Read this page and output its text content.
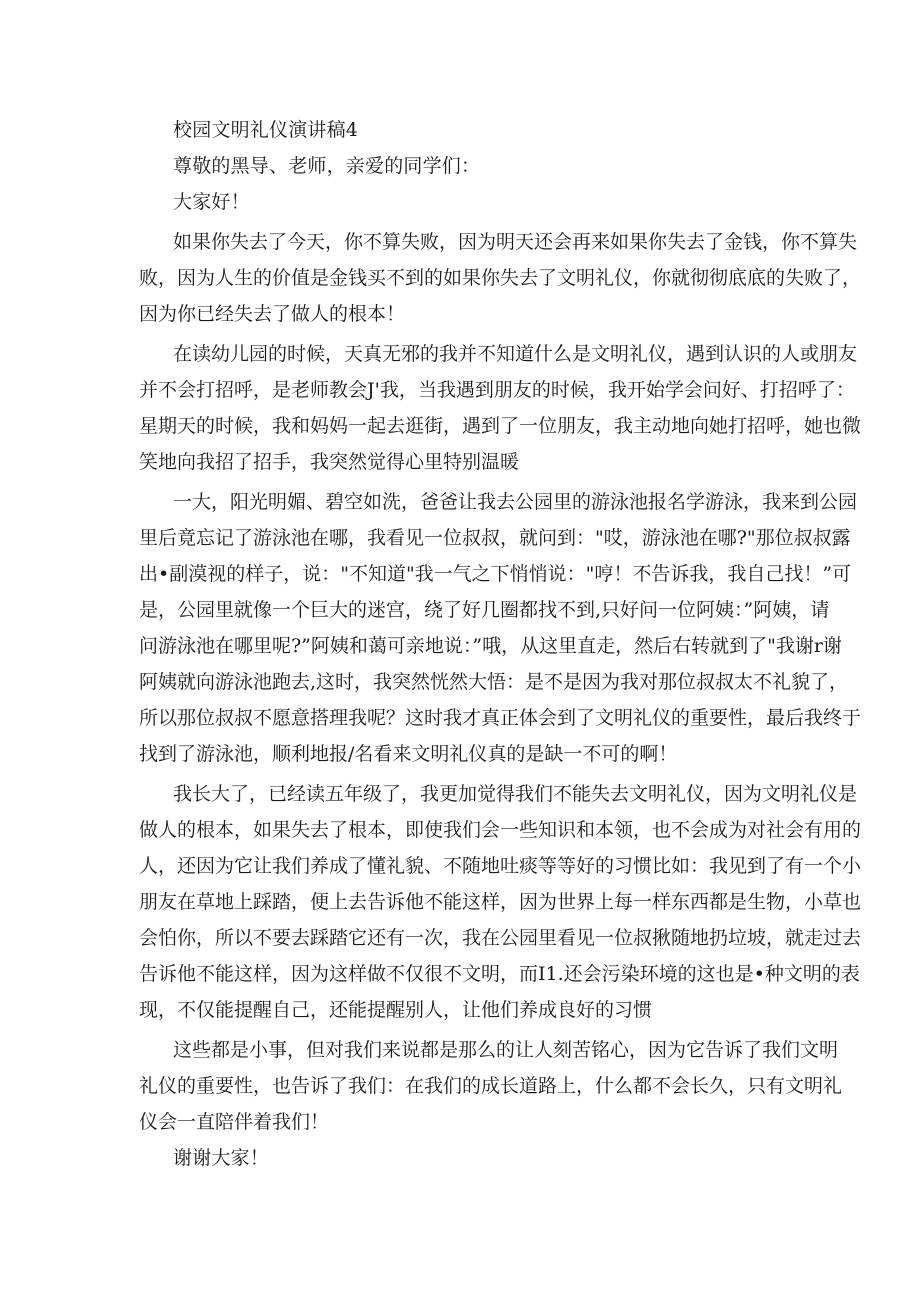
校园文明礼仪演讲稿4
尊敬的黑导、老师，亲爱的同学们：
大家好！
如果你失去了今天，你不算失败，因为明天还会再来如果你失去了金钱，你不算失
败，因为人生的价值是金钱买不到的如果你失去了文明礼仪，你就彻彻底底的失败了，
因为你已经失去了做人的根本！
在读幼儿园的时候，天真无邪的我并不知道什么是文明礼仪，遇到认识的人或朋友
并不会打招呼，是老师教会J'我，当我遇到朋友的时候，我开始学会问好、打招呼了：
星期天的时候，我和妈妈一起去逛街，遇到了一位朋友，我主动地向她打招呼，她也微
笑地向我招了招手，我突然觉得心里特别温暖
一大，阳光明媚、碧空如洗，爸爸让我去公园里的游泳池报名学游泳，我来到公园
里后竟忘记了游泳池在哪，我看见一位叔叔，就问到："哎，游泳池在哪?"那位叔叔露
出•副漠视的样子，说："不知道"我一气之下悄悄说："哼！不告诉我，我自己找！”可
是，公园里就像一个巨大的迷宫，绕了好几圈都找不到,只好问一位阿姨：”阿姨，请
问游泳池在哪里呢?”阿姨和蔼可亲地说：”哦，从这里直走，然后右转就到了"我谢r谢
阿姨就向游泳池跑去,这时，我突然恍然大悟：是不是因为我对那位叔叔太不礼貌了，
所以那位叔叔不愿意搭理我呢？这时我才真正体会到了文明礼仪的重要性，最后我终于
找到了游泳池，顺利地报/名看来文明礼仪真的是缺一不可的啊！
我长大了，已经读五年级了，我更加觉得我们不能失去文明礼仪，因为文明礼仪是
做人的根本，如果失去了根本，即使我们会一些知识和本领，也不会成为对社会有用的
人，还因为它让我们养成了懂礼貌、不随地吐痰等等好的习惯比如：我见到了有一个小
朋友在草地上踩踏，便上去告诉他不能这样，因为世界上每一样东西都是生物，小草也
会怕你，所以不要去踩踏它还有一次，我在公园里看见一位叔揪随地扔垃坡，就走过去
告诉他不能这样，因为这样做不仅很不文明，而I1.还会污染环境的这也是•种文明的表
现，不仅能提醒自己，还能提醒别人，让他们养成良好的习惯
这些都是小事，但对我们来说都是那么的让人刻苦铭心，因为它告诉了我们文明
礼仪的重要性，也告诉了我们：在我们的成长道路上，什么都不会长久，只有文明礼
仪会一直陪伴着我们！
谢谢大家！
